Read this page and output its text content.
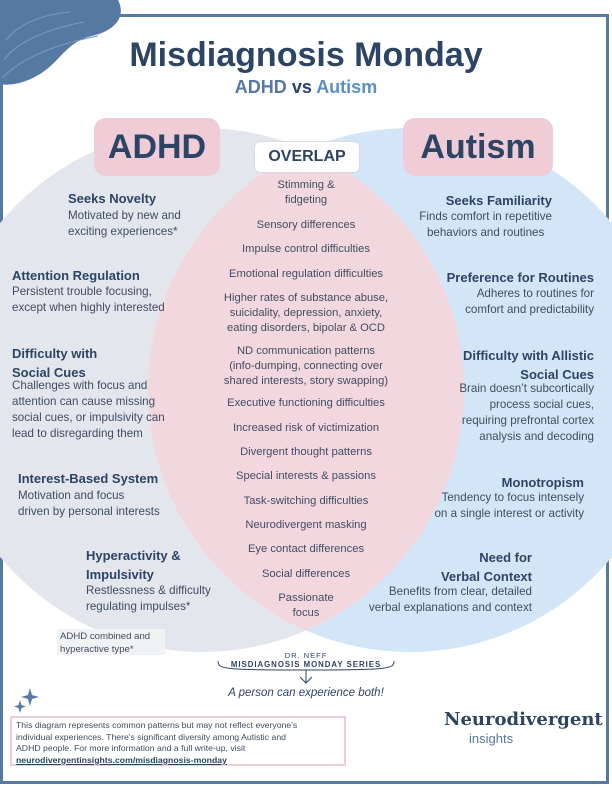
Misdiagnosis Monday
ADHD vs Autism
ADHD	Autism
OVERLAP
Stimming &
fidgeting
Sensory differences
Impulse control difficulties
Emotional regulation difficulties
Higher rates of substance abuse,
suicidality, depression, anxiety,
eating disorders, bipolar & OCD
ND communication patterns
(info-dumping, connecting over
shared interests, story swapping)
Executive functioning difficulties
Increased risk of victimization
Divergent thought patterns
Special interests & passions
Task-switching difficulties
Neurodivergent masking
Eye contact differences
Social differences
Passionate
focus
Seeks Novelty
Motivated by new and
exciting experiences*
Attention Regulation
Persistent trouble focusing,
except when highly interested
Difficulty with
Social Cues
Challenges with focus and
attention can cause missing
social cues, or impulsivity can
lead to disregarding them
Interest-Based System
Motivation and focus
driven by personal interests
Hyperactivity &
Impulsivity
Restlessness & difficulty
regulating impulses*
ADHD combined and
hyperactive type*
Seeks Familiarity
Finds comfort in repetitive
behaviors and routines
Preference for Routines
Adheres to routines for
comfort and predictability
Difficulty with Allistic
Social Cues
Brain doesn’t subcortically
process social cues,
requiring prefrontal cortex
analysis and decoding
Monotropism
Tendency to focus intensely
on a single interest or activity
Need for
Verbal Context
Benefits from clear, detailed
verbal explanations and context
DR. NEFF
MISDIAGNOSIS MONDAY SERIES
A person can experience both!
This diagram represents common patterns but may not reflect everyone's
individual experiences. There's significant diversity among Autistic and
ADHD people. For more information and a full write-up, visit
neurodivergentinsights.com/misdiagnosis-monday
Neurodivergent
insights
